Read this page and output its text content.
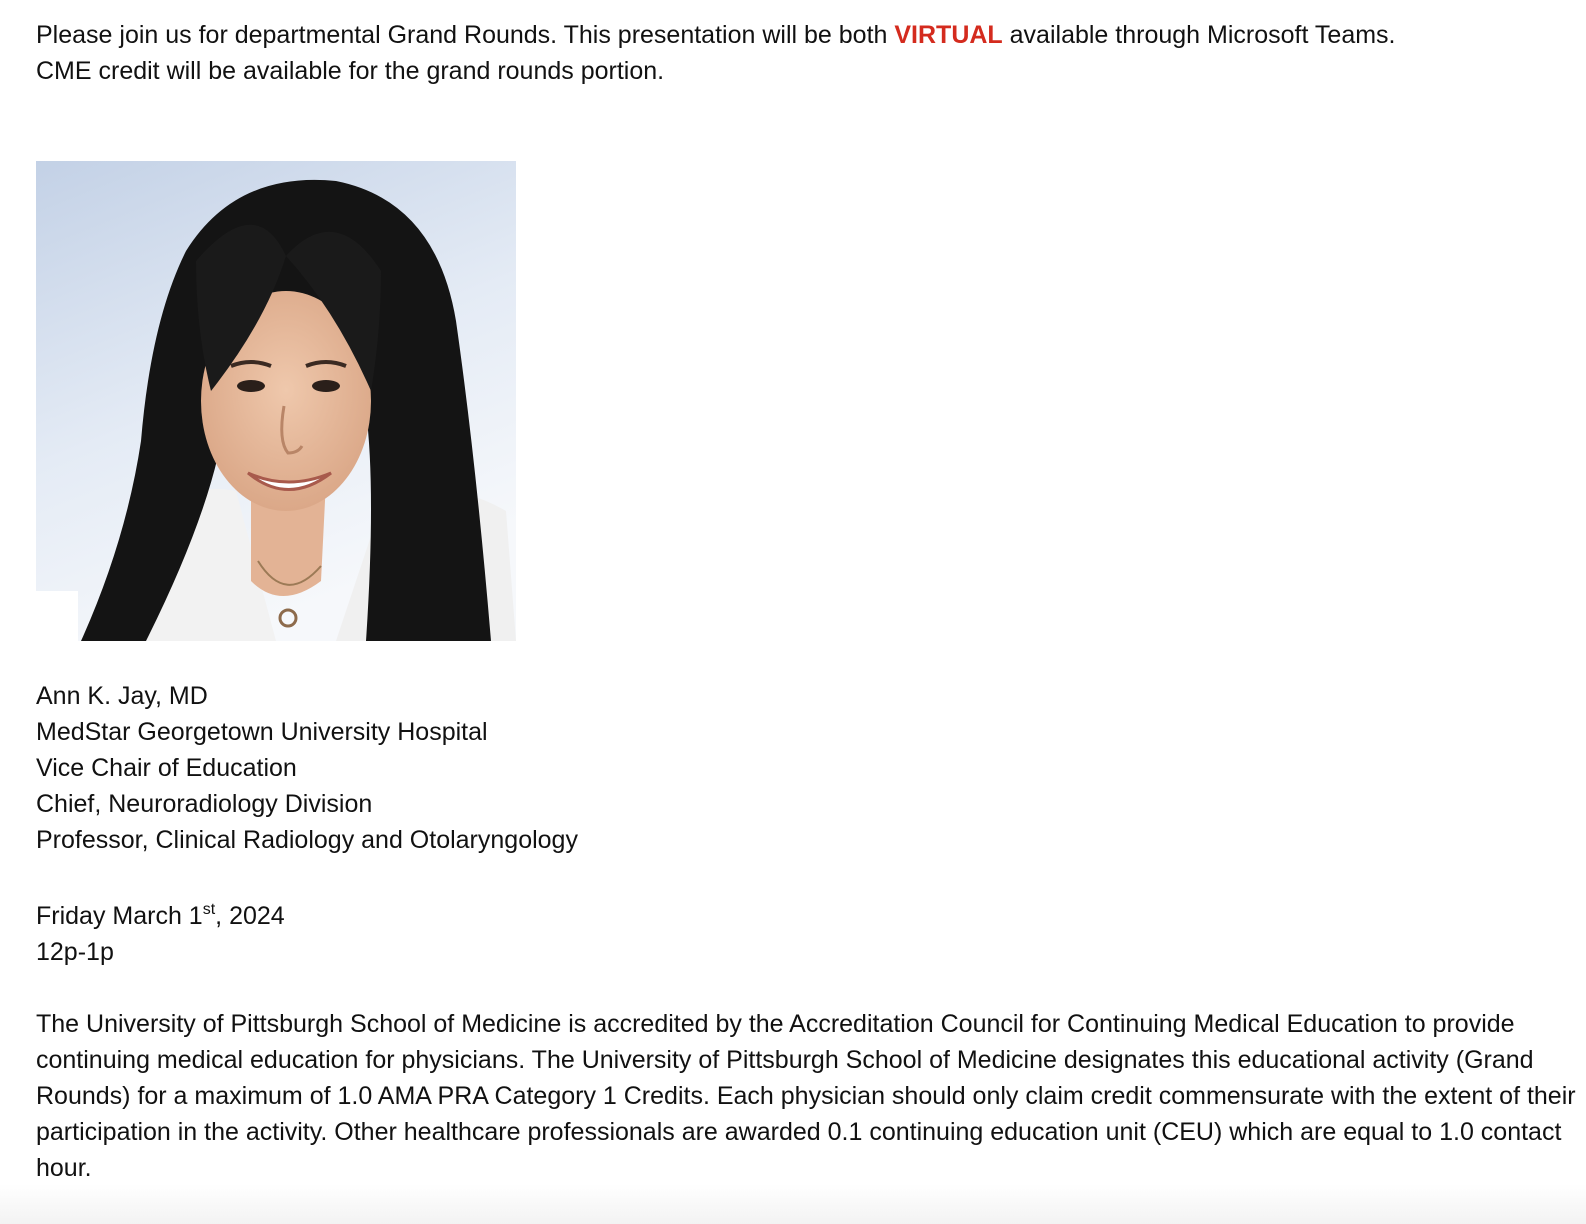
Please join us for departmental Grand Rounds. This presentation will be both VIRTUAL available through Microsoft Teams.

CME credit will be available for the grand rounds portion.

Ann K. Jay, MD
MedStar Georgetown University Hospital
Vice Chair of Education
Chief, Neuroradiology Division
Professor, Clinical Radiology and Otolaryngology
Friday March 1st, 2024
12p-1p

The University of Pittsburgh School of Medicine is accredited by the Accreditation Council for Continuing Medical Education to provide continuing medical education for physicians. The University of Pittsburgh School of Medicine designates this educational activity (Grand Rounds) for a maximum of 1.0 AMA PRA Category 1 Credits. Each physician should only claim credit commensurate with the extent of their participation in the activity. Other healthcare professionals are awarded 0.1 continuing education unit (CEU) which are equal to 1.0 contact hour.
